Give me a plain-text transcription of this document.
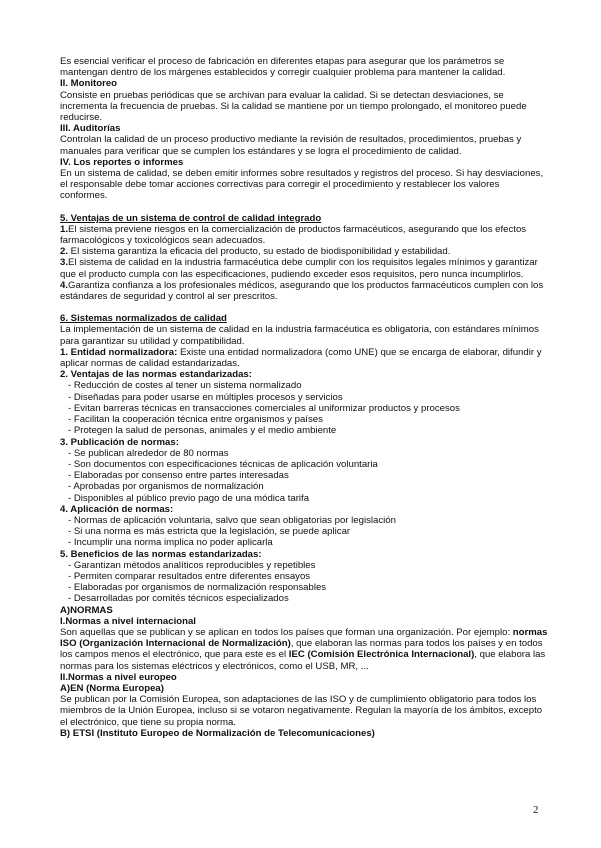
Es esencial verificar el proceso de fabricación en diferentes etapas para asegurar que los parámetros se mantengan dentro de los márgenes establecidos y corregir cualquier problema para mantener la calidad.

II. Monitoreo

Consiste en pruebas periódicas que se archivan para evaluar la calidad. Si se detectan desviaciones, se incrementa la frecuencia de pruebas. Si la calidad se mantiene por un tiempo prolongado, el monitoreo puede reducirse.

III. Auditorías

Controlan la calidad de un proceso productivo mediante la revisión de resultados, procedimientos, pruebas y manuales para verificar que se cumplen los estándares y se logra el procedimiento de calidad.

IV. Los reportes o informes

En un sistema de calidad, se deben emitir informes sobre resultados y registros del proceso. Si hay desviaciones, el responsable debe tomar acciones correctivas para corregir el procedimiento y restablecer los valores conformes.

5. Ventajas de un sistema de control de calidad integrado

1.El sistema previene riesgos en la comercialización de productos farmacéuticos, asegurando que los efectos farmacológicos y toxicológicos sean adecuados.

2. El sistema garantiza la eficacia del producto, su estado de biodisponibilidad y estabilidad.

3.El sistema de calidad en la industria farmacéutica debe cumplir con los requisitos legales mínimos y garantizar que el producto cumpla con las especificaciones, pudiendo exceder esos requisitos, pero nunca incumplirlos.

4.Garantiza confianza a los profesionales médicos, asegurando que los productos farmacéuticos cumplen con los estándares de seguridad y control al ser prescritos.

6. Sistemas normalizados de calidad

La implementación de un sistema de calidad en la industria farmacéutica es obligatoria, con estándares mínimos para garantizar su utilidad y compatibilidad.

1. Entidad normalizadora: Existe una entidad normalizadora (como UNE) que se encarga de elaborar, difundir y aplicar normas de calidad estandarizadas.

2. Ventajas de las normas estandarizadas:

- Reducción de costes al tener un sistema normalizado

- Diseñadas para poder usarse en múltiples procesos y servicios

- Evitan barreras técnicas en transacciones comerciales al uniformizar productos y procesos

- Facilitan la cooperación técnica entre organismos y países

- Protegen la salud de personas, animales y el medio ambiente

3. Publicación de normas:

- Se publican alrededor de 80 normas

- Son documentos con especificaciones técnicas de aplicación voluntaria

- Elaboradas por consenso entre partes interesadas

- Aprobadas por organismos de normalización

- Disponibles al público previo pago de una módica tarifa

4. Aplicación de normas:

- Normas de aplicación voluntaria, salvo que sean obligatorias por legislación

- Si una norma es más estricta que la legislación, se puede aplicar

- Incumplir una norma implica no poder aplicarla

5. Beneficios de las normas estandarizadas:

- Garantizan métodos analíticos reproducibles y repetibles

- Permiten comparar resultados entre diferentes ensayos

- Elaboradas por organismos de normalización responsables

- Desarrolladas por comités técnicos especializados

A)NORMAS

I.Normas a nivel internacional

Son aquellas que se publican y se aplican en todos los países que forman una organización. Por ejemplo: normas ISO (Organización Internacional de Normalización), que elaboran las normas para todos los países y en todos los campos menos el electrónico, que para este es el IEC (Comisión Electrónica Internacional), que elabora las normas para los sistemas eléctricos y electrónicos, como el USB, MR, ...

II.Normas a nivel europeo

A)EN (Norma Europea)

Se publican por la Comisión Europea, son adaptaciones de las ISO y de cumplimiento obligatorio para todos los miembros de la Unión Europea, incluso si se votaron negativamente. Regulan la mayoría de los ámbitos, excepto el electrónico, que tiene su propia norma.

B) ETSI (Instituto Europeo de Normalización de Telecomunicaciones)

2
